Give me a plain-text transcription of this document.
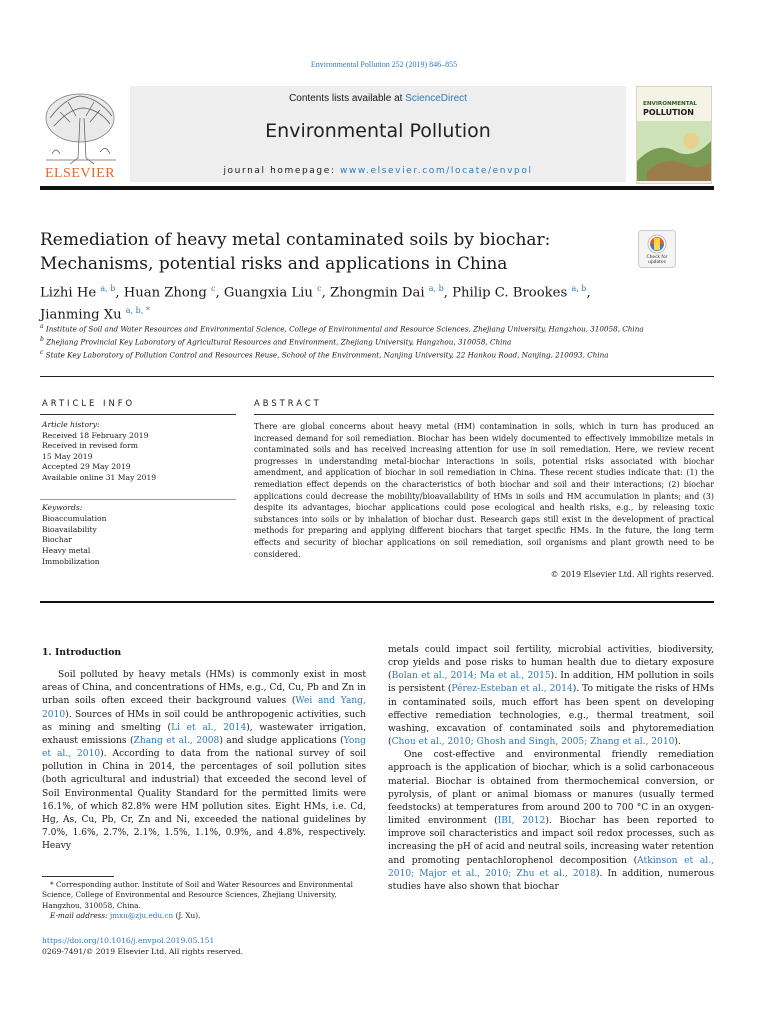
Environmental Pollution 252 (2019) 846–855
ELSEVIER
Contents lists available at ScienceDirect
Environmental Pollution
journal homepage: www.elsevier.com/locate/envpol
ENVIRONMENTAL
POLLUTION
Remediation of heavy metal contaminated soils by biochar:
Mechanisms, potential risks and applications in China	Check for updates
Lizhi He $^{a, b}$, Huan Zhong $^c$, Guangxia Liu $^c$, Zhongmin Dai $^{a, b}$, Philip C. Brookes $^{a, b}$,
Jianming Xu $^{a, b, *}$
$^a$ Institute of Soil and Water Resources and Environmental Science, College of Environmental and Resource Sciences, Zhejiang University, Hangzhou, 310058, China
$^b$ Zhejiang Provincial Key Laboratory of Agricultural Resources and Environment, Zhejiang University, Hangzhou, 310058, China
$^c$ State Key Laboratory of Pollution Control and Resources Reuse, School of the Environment, Nanjing University, 22 Hankou Road, Nanjing, 210093, China
ARTICLE INFO	ABSTRACT
Article history:
Received 18 February 2019
Received in revised form
15 May 2019
Accepted 29 May 2019
Available online 31 May 2019
Keywords:
Bioaccumulation
Bioavailability
Biochar
Heavy metal
Immobilization
There are global concerns about heavy metal (HM) contamination in soils, which in turn has produced an increased demand for soil remediation. Biochar has been widely documented to effectively immobilize metals in contaminated soils and has received increasing attention for use in soil remediation. Here, we review recent progresses in understanding metal-biochar interactions in soils, potential risks associated with biochar amendment, and application of biochar in soil remediation in China. These recent studies indicate that: (1) the remediation effect depends on the characteristics of both biochar and soil and their interactions; (2) biochar applications could decrease the mobility/bioavailability of HMs in soils and HM accumulation in plants; and (3) despite its advantages, biochar applications could pose ecological and health risks, e.g., by releasing toxic substances into soils or by inhalation of biochar dust. Research gaps still exist in the development of practical methods for preparing and applying different biochars that target specific HMs. In the future, the long term effects and security of biochar applications on soil remediation, soil organisms and plant growth need to be considered.
© 2019 Elsevier Ltd. All rights reserved.
1. Introduction

Soil polluted by heavy metals (HMs) is commonly exist in most areas of China, and concentrations of HMs, e.g., Cd, Cu, Pb and Zn in urban soils often exceed their background values (Wei and Yang, 2010). Sources of HMs in soil could be anthropogenic activities, such as mining and smelting (Li et al., 2014), wastewater irrigation, exhaust emissions (Zhang et al., 2008) and sludge applications (Yong et al., 2010). According to data from the national survey of soil pollution in China in 2014, the percentages of soil pollution sites (both agricultural and industrial) that exceeded the second level of Soil Environmental Quality Standard for the permitted limits were 16.1%, of which 82.8% were HM pollution sites. Eight HMs, i.e. Cd, Hg, As, Cu, Pb, Cr, Zn and Ni, exceeded the national guidelines by 7.0%, 1.6%, 2.7%, 2.1%, 1.5%, 1.1%, 0.9%, and 4.8%, respectively. Heavy

metals could impact soil fertility, microbial activities, biodiversity, crop yields and pose risks to human health due to dietary exposure (Bolan et al., 2014; Ma et al., 2015). In addition, HM pollution in soils is persistent (Pérez-Esteban et al., 2014). To mitigate the risks of HMs in contaminated soils, much effort has been spent on developing effective remediation technologies, e.g., thermal treatment, soil washing, excavation of contaminated soils and phytoremediation (Chou et al., 2010; Ghosh and Singh, 2005; Zhang et al., 2010).

One cost-effective and environmental friendly remediation approach is the application of biochar, which is a solid carbonaceous material. Biochar is obtained from thermochemical conversion, or pyrolysis, of plant or animal biomass or manures (usually termed feedstocks) at temperatures from around 200 to 700 °C in an oxygen-limited environment (IBI, 2012). Biochar has been reported to improve soil characteristics and impact soil redox processes, such as increasing the pH of acid and neutral soils, increasing water retention and promoting pentachlorophenol decomposition (Atkinson et al., 2010; Major et al., 2010; Zhu et al., 2018). In addition, numerous studies have also shown that biochar

* Corresponding author. Institute of Soil and Water Resources and Environmental Science, College of Environmental and Resource Sciences, Zhejiang University, Hangzhou, 310058, China.
E-mail address: jmxu@zju.edu.cn (J. Xu).
https://doi.org/10.1016/j.envpol.2019.05.151
0269-7491/© 2019 Elsevier Ltd. All rights reserved.
